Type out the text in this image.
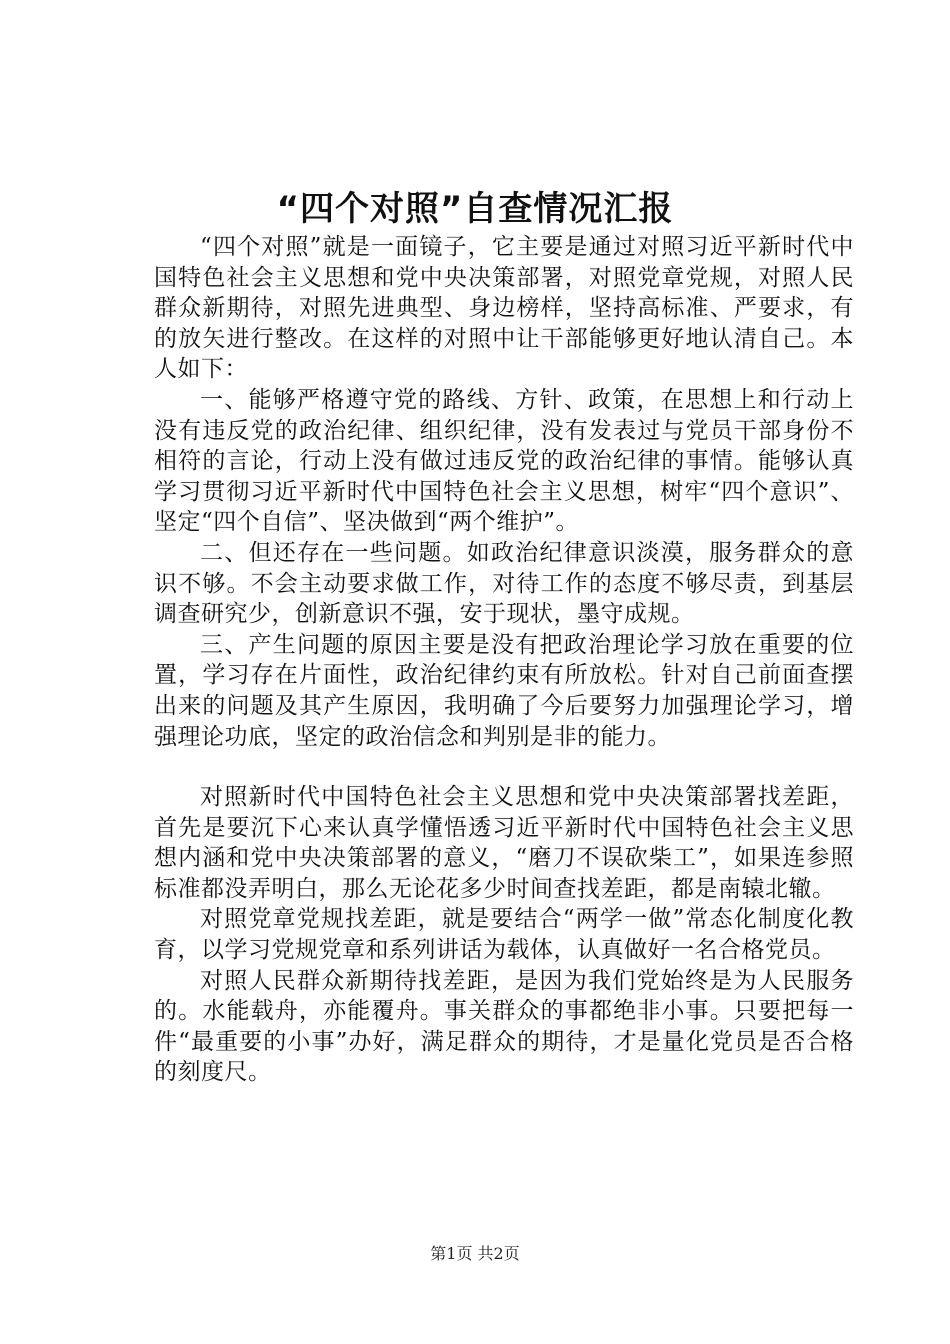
“四个对照”自查情况汇报

“四个对照”就是一面镜子，它主要是通过对照习近平新时代中国特色社会主义思想和党中央决策部署，对照党章党规，对照人民群众新期待，对照先进典型、身边榜样，坚持高标准、严要求，有的放矢进行整改。在这样的对照中让干部能够更好地认清自己。本人如下：

一、能够严格遵守党的路线、方针、政策，在思想上和行动上没有违反党的政治纪律、组织纪律，没有发表过与党员干部身份不相符的言论，行动上没有做过违反党的政治纪律的事情。能够认真学习贯彻习近平新时代中国特色社会主义思想，树牢“四个意识”、坚定“四个自信”、坚决做到“两个维护”。

二、但还存在一些问题。如政治纪律意识淡漠，服务群众的意识不够。不会主动要求做工作，对待工作的态度不够尽责，到基层调查研究少，创新意识不强，安于现状，墨守成规。

三、产生问题的原因主要是没有把政治理论学习放在重要的位置，学习存在片面性，政治纪律约束有所放松。针对自己前面查摆出来的问题及其产生原因，我明确了今后要努力加强理论学习，增强理论功底，坚定的政治信念和判别是非的能力。

对照新时代中国特色社会主义思想和党中央决策部署找差距，首先是要沉下心来认真学懂悟透习近平新时代中国特色社会主义思想内涵和党中央决策部署的意义，“磨刀不误砍柴工”，如果连参照标准都没弄明白，那么无论花多少时间查找差距，都是南辕北辙。

对照党章党规找差距，就是要结合“两学一做”常态化制度化教育，以学习党规党章和系列讲话为载体，认真做好一名合格党员。

对照人民群众新期待找差距，是因为我们党始终是为人民服务的。水能载舟，亦能覆舟。事关群众的事都绝非小事。只要把每一件“最重要的小事”办好，满足群众的期待，才是量化党员是否合格的刻度尺。

第1页 共2页
